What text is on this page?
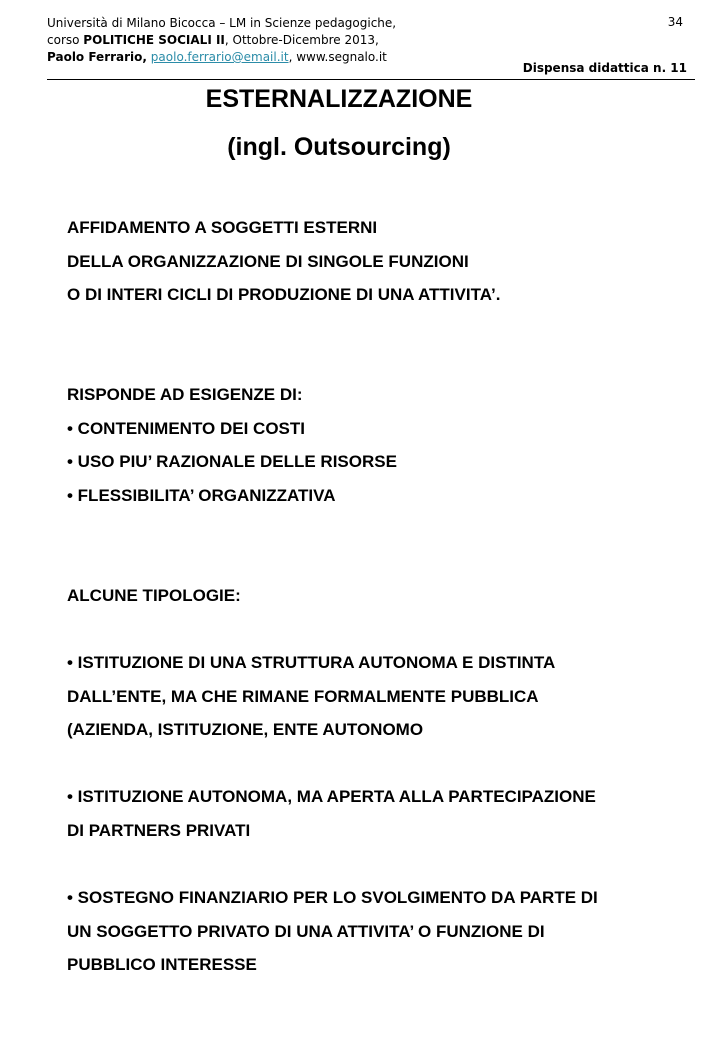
Università di Milano Bicocca – LM in Scienze pedagogiche,
corso POLITICHE SOCIALI II, Ottobre-Dicembre 2013,
Paolo Ferrario, paolo.ferrario@email.it, www.segnalo.it
34
Dispensa didattica n. 11
ESTERNALIZZAZIONE
(ingl. Outsourcing)
AFFIDAMENTO A SOGGETTI ESTERNI
DELLA ORGANIZZAZIONE DI SINGOLE FUNZIONI
O DI INTERI CICLI DI PRODUZIONE DI UNA ATTIVITA’.
RISPONDE AD ESIGENZE DI:
• CONTENIMENTO DEI COSTI
• USO PIU’ RAZIONALE DELLE RISORSE
• FLESSIBILITA’ ORGANIZZATIVA
ALCUNE TIPOLOGIE:
• ISTITUZIONE DI UNA STRUTTURA AUTONOMA E DISTINTA
DALL’ENTE, MA CHE RIMANE FORMALMENTE PUBBLICA
(AZIENDA, ISTITUZIONE, ENTE AUTONOMO
• ISTITUZIONE AUTONOMA, MA APERTA ALLA PARTECIPAZIONE
DI PARTNERS PRIVATI
• SOSTEGNO FINANZIARIO PER LO SVOLGIMENTO DA PARTE DI
UN SOGGETTO PRIVATO DI UNA ATTIVITA’ O FUNZIONE DI
PUBBLICO INTERESSE
